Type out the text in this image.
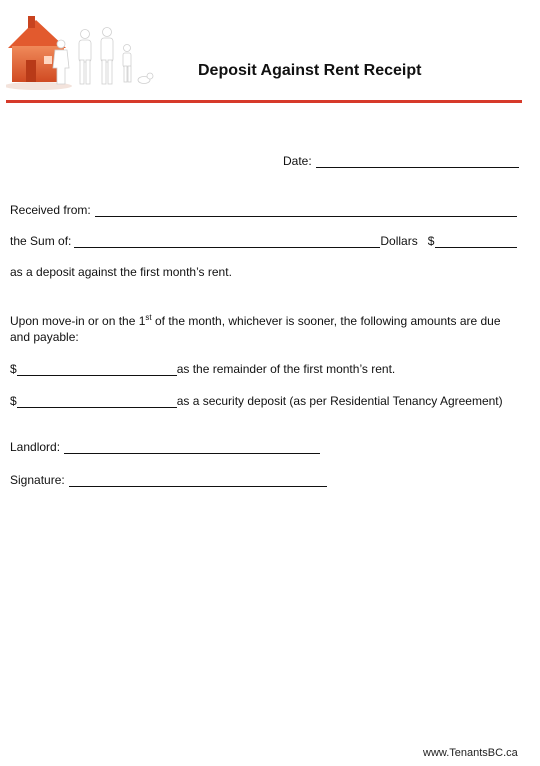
Deposit Against Rent Receipt
Date:
Received from:
the Sum of:	Dollars $
as a deposit against the first month’s rent.
Upon move-in or on the 1st of the month, whichever is sooner, the following amounts are due
and payable:
$	as the remainder of the first month’s rent.
$	as a security deposit (as per Residential Tenancy Agreement)
Landlord:
Signature:
www.TenantsBC.ca
